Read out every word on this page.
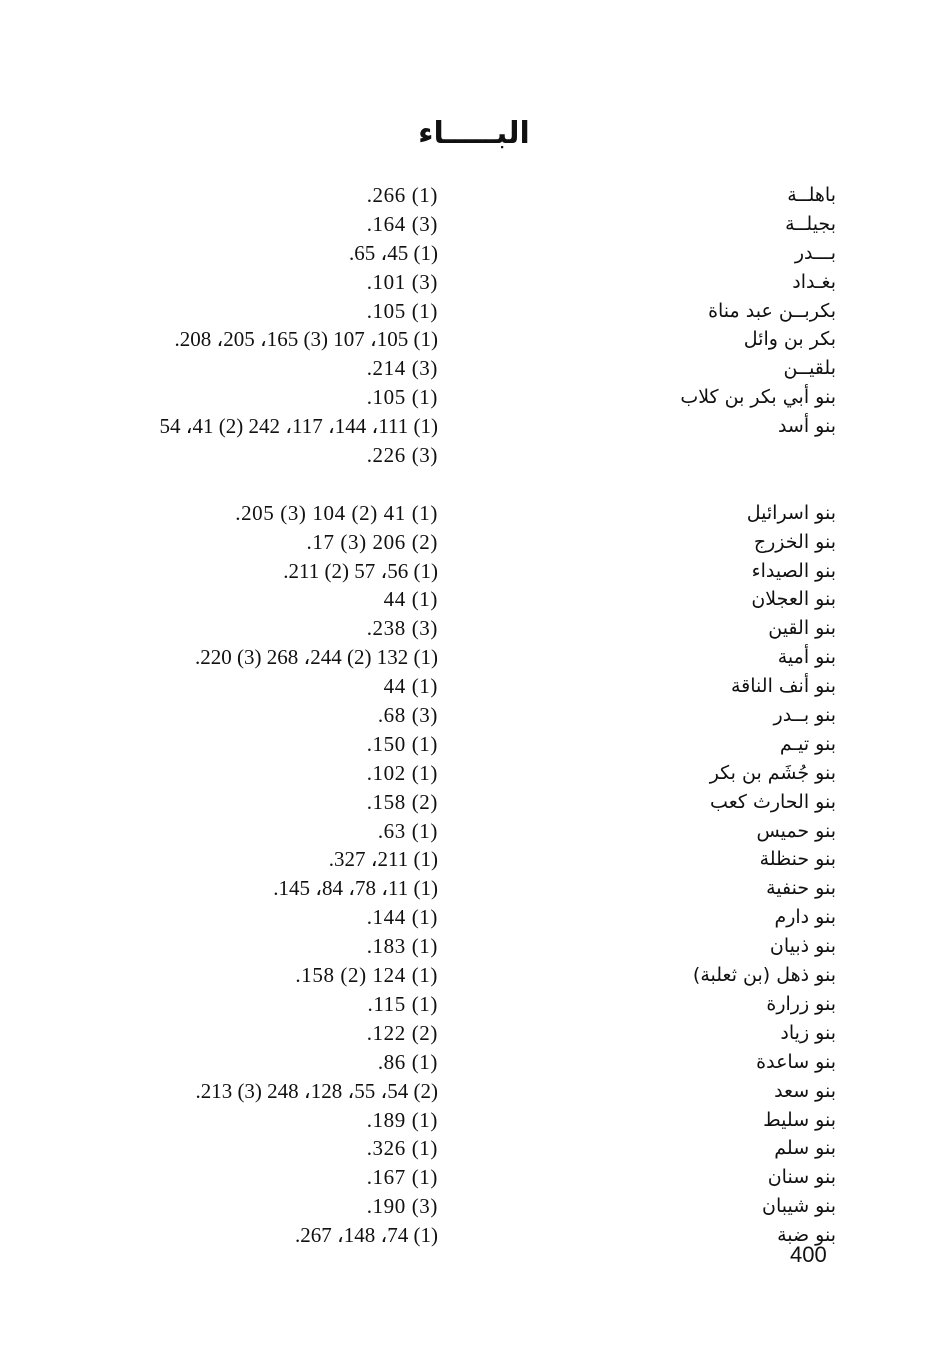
البـــــاء
باهلــة
.266 (1)
بجيلــة
.164 (3)
بـــدر
.65 ،45 (1)
بغـداد
.101 (3)
بكربــن عبد مناة
.105 (1)
بكر بن وائل
.208 ،205 ،165 (3) 107 ،105 (1)
بلقيــن
.214 (3)
بنو أبي بكر بن كلاب
.105 (1)
بنو أسد
54 ،41 (2) 242 ،117 ،144 ،111 (1)
.226 (3)
بنو اسرائيل
.205 (3) 104 (2) 41 (1)
بنو الخزرج
.17 (3) 206 (2)
بنو الصيداء
.211 (2) 57 ،56 (1)
بنو العجلان
44 (1)
بنو القين
.238 (3)
بنو أمية
.220 (3) 268 ،244 (2) 132 (1)
بنو أنف الناقة
44 (1)
بنو بــدر
.68 (3)
بنو تيـم
.150 (1)
بنو جُشَم بن بكر
.102 (1)
بنو الحارث كعب
.158 (2)
بنو حميس
.63 (1)
بنو حنظلة
.327 ،211 (1)
بنو حنفية
.145 ،84 ،78 ،11 (1)
بنو دارم
.144 (1)
بنو ذبيان
.183 (1)
بنو ذهل (بن ثعلبة)
.158 (2) 124 (1)
بنو زرارة
.115 (1)
بنو زياد
.122 (2)
بنو ساعدة
.86 (1)
بنو سعد
.213 (3) 248 ،128 ،55 ،54 (2)
بنو سليط
.189 (1)
بنو سلم
.326 (1)
بنو سنان
.167 (1)
بنو شيبان
.190 (3)
بنو ضبة
.267 ،148 ،74 (1)
400
